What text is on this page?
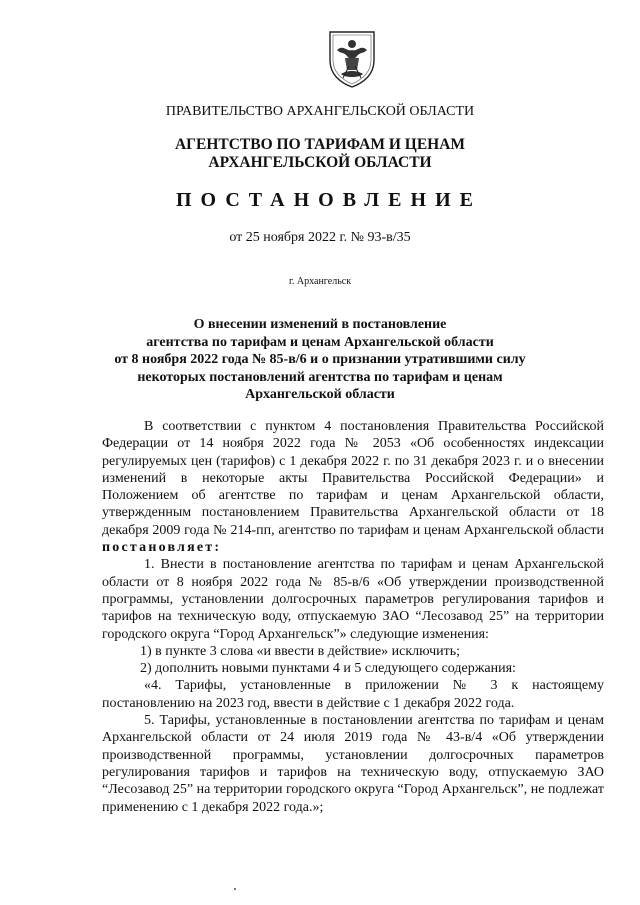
ПРАВИТЕЛЬСТВО АРХАНГЕЛЬСКОЙ ОБЛАСТИ
АГЕНТСТВО ПО ТАРИФАМ И ЦЕНАМ
АРХАНГЕЛЬСКОЙ ОБЛАСТИ
ПОСТАНОВЛЕНИЕ
от 25 ноября 2022 г. № 93-в/35
г. Архангельск
О внесении изменений в постановление
агентства по тарифам и ценам Архангельской области
от 8 ноября 2022 года № 85-в/6 и о признании утратившими силу
некоторых постановлений агентства по тарифам и ценам
Архангельской области

В соответствии с пунктом 4 постановления Правительства Российской Федерации от 14 ноября 2022 года № 2053 «Об особенностях индексации регулируемых цен (тарифов) с 1 декабря 2022 г. по 31 декабря 2023 г. и о внесении изменений в некоторые акты Правительства Российской Федерации» и Положением об агентстве по тарифам и ценам Архангельской области, утвержденным постановлением Правительства Архангельской области от 18 декабря 2009 года № 214-пп, агентство по тарифам и ценам Архангельской области постановляет:

1. Внести в постановление агентства по тарифам и ценам Архангельской области от 8 ноября 2022 года № 85-в/6 «Об утверждении производственной программы, установлении долгосрочных параметров регулирования тарифов и тарифов на техническую воду, отпускаемую ЗАО “Лесозавод 25” на территории городского округа “Город Архангельск”» следующие изменения:

1) в пункте 3 слова «и ввести в действие» исключить;

2) дополнить новыми пунктами 4 и 5 следующего содержания:

«4. Тарифы, установленные в приложении № 3 к настоящему постановлению на 2023 год, ввести в действие с 1 декабря 2022 года.

5. Тарифы, установленные в постановлении агентства по тарифам и ценам Архангельской области от 24 июля 2019 года № 43-в/4 «Об утверждении производственной программы, установлении долгосрочных параметров регулирования тарифов и тарифов на техническую воду, отпускаемую ЗАО “Лесозавод 25” на территории городского округа “Город Архангельск”, не подлежат применению с 1 декабря 2022 года.»;
